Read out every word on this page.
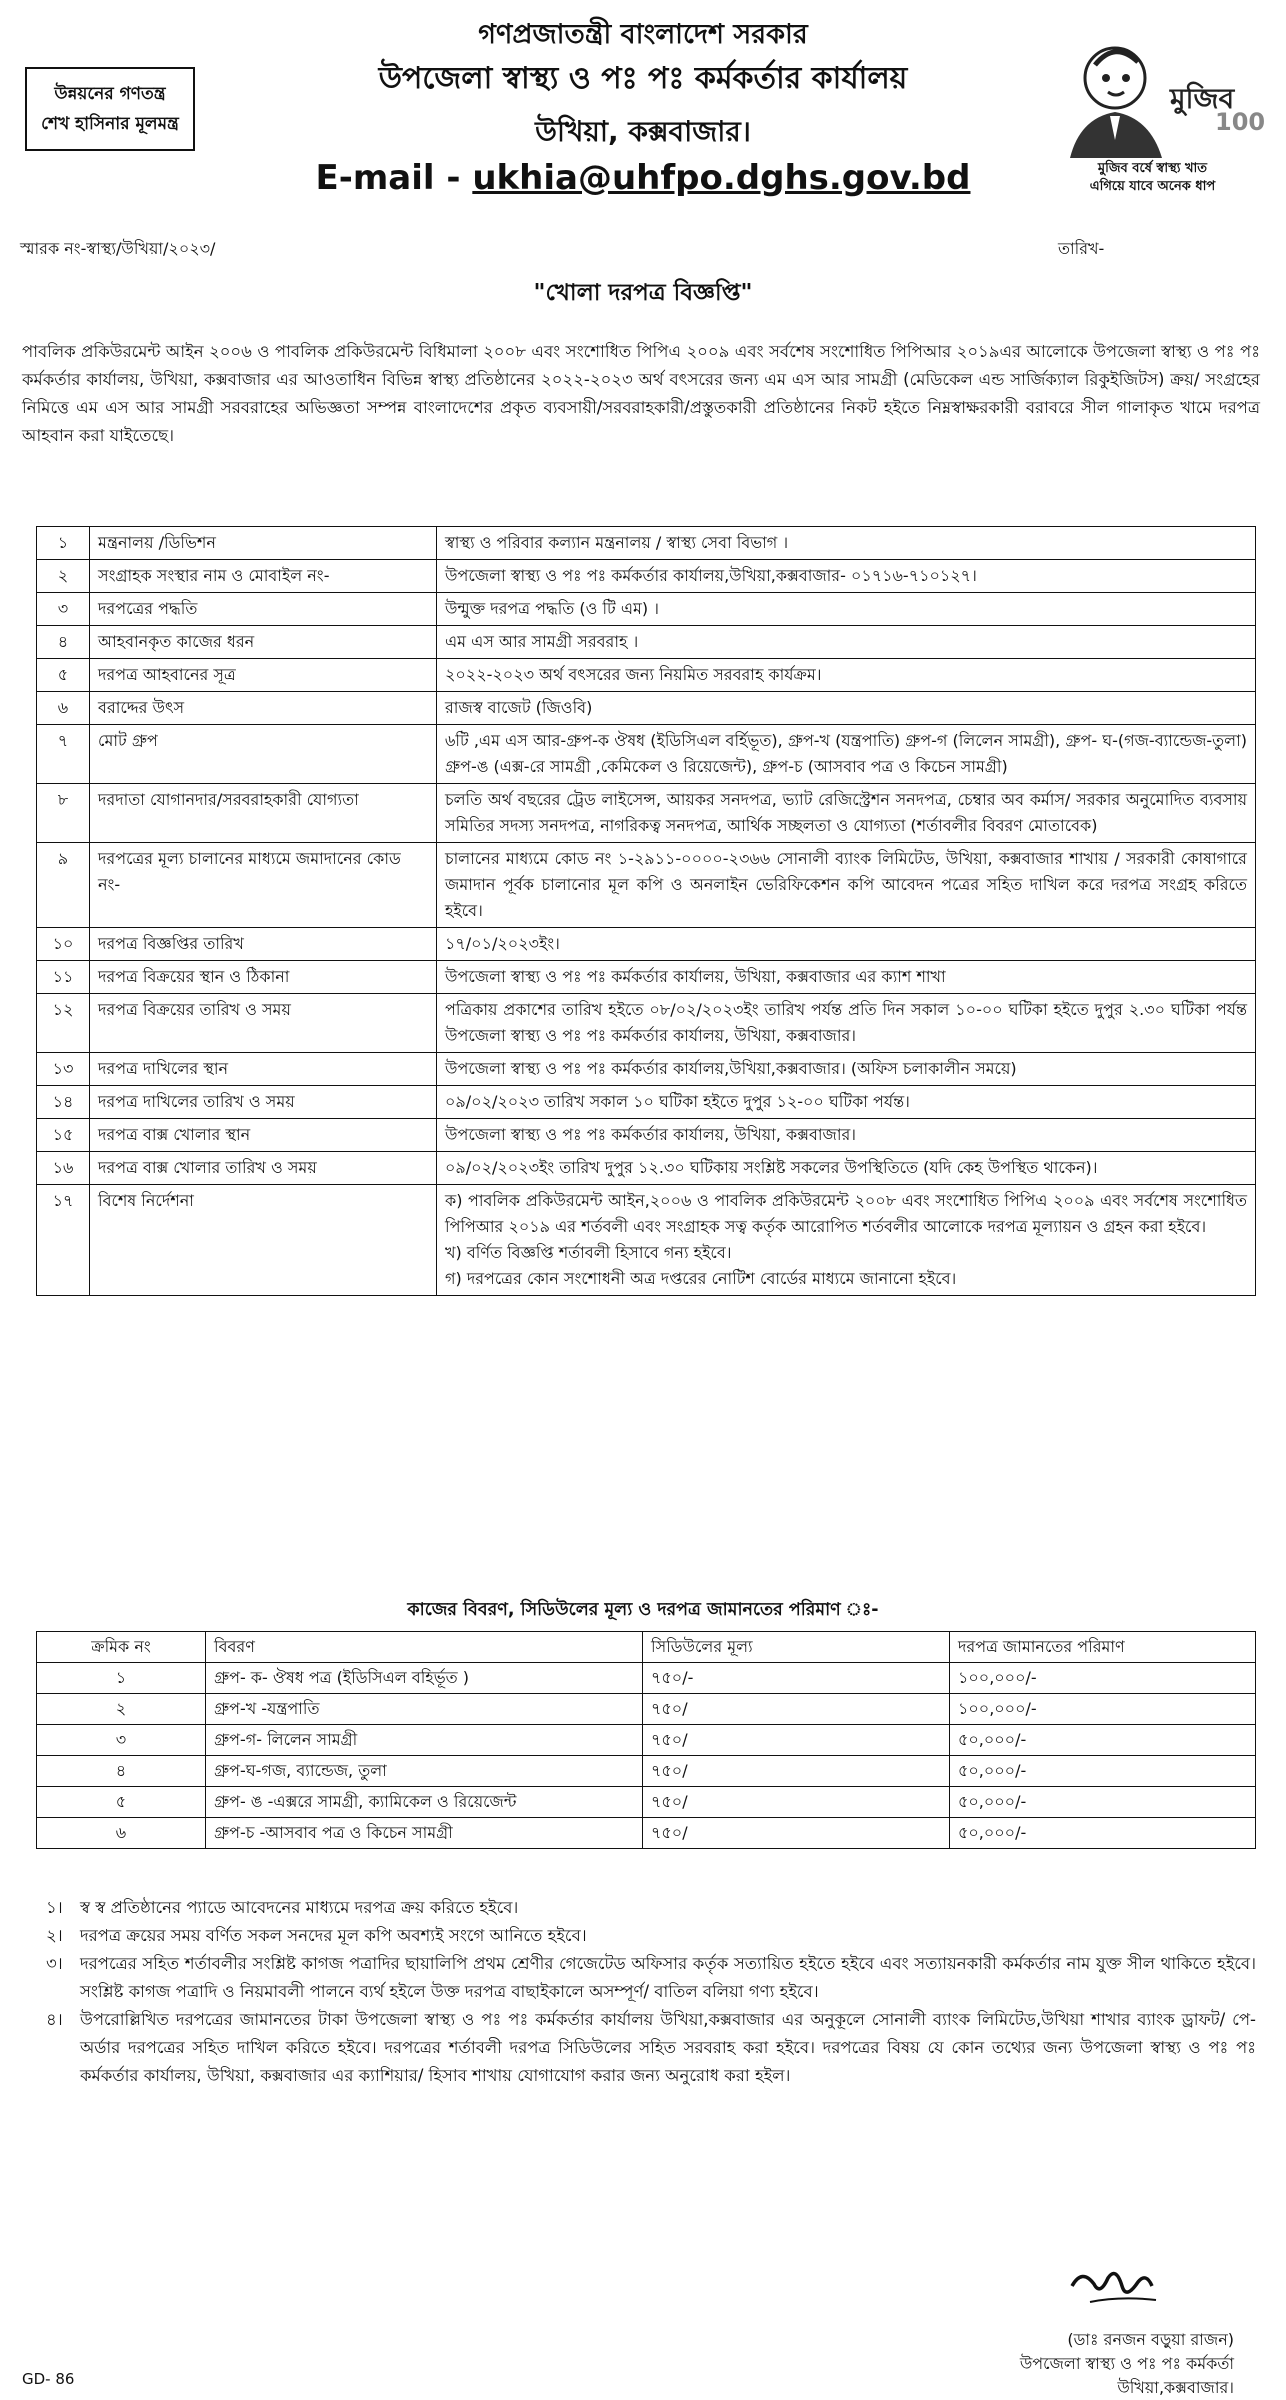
উন্নয়নের গণতন্ত্র
শেখ হাসিনার মূলমন্ত্র
গণপ্রজাতন্ত্রী বাংলাদেশ সরকার
উপজেলা স্বাস্থ্য ও পঃ পঃ কর্মকর্তার কার্যালয়
উখিয়া, কক্সবাজার।
E-mail - ukhia@uhfpo.dghs.gov.bd
মুজিব
100
মুজিব বর্ষে স্বাস্থ্য খাত
এগিয়ে যাবে অনেক ধাপ
স্মারক নং-স্বাস্থ্য/উখিয়া/২০২৩/	তারিখ-
"খোলা দরপত্র বিজ্ঞপ্তি"
পাবলিক প্রকিউরমেন্ট আইন ২০০৬ ও পাবলিক প্রকিউরমেন্ট বিধিমালা ২০০৮ এবং সংশোধিত পিপিএ ২০০৯ এবং সর্বশেষ সংশোধিত পিপিআর ২০১৯এর আলোকে উপজেলা স্বাস্থ্য ও পঃ পঃ কর্মকর্তার কার্যালয়, উখিয়া, কক্সবাজার এর আওতাধিন বিভিন্ন স্বাস্থ্য প্রতিষ্ঠানের ২০২২-২০২৩ অর্থ বৎসরের জন্য এম এস আর সামগ্রী (মেডিকেল এন্ড সার্জিক্যাল রিকুইজিটস) ক্রয়/ সংগ্রহের নিমিত্তে এম এস আর সামগ্রী সরবরাহের অভিজ্ঞতা সম্পন্ন বাংলাদেশের প্রকৃত ব্যবসায়ী/সরবরাহকারী/প্রস্তুতকারী প্রতিষ্ঠানের নিকট হইতে নিম্নস্বাক্ষরকারী বরাবরে সীল গালাকৃত খামে দরপত্র আহবান করা যাইতেছে।
১	মন্ত্রনালয় /ডিভিশন	স্বাস্থ্য ও পরিবার কল্যান মন্ত্রনালয় / স্বাস্থ্য সেবা বিভাগ ।
২	সংগ্রাহক সংস্থার নাম ও মোবাইল নং-	উপজেলা স্বাস্থ্য ও পঃ পঃ কর্মকর্তার কার্যালয়,উখিয়া,কক্সবাজার- ০১৭১৬-৭১০১২৭।
৩	দরপত্রের পদ্ধতি	উন্মুক্ত দরপত্র পদ্ধতি (ও টি এম) ।
৪	আহবানকৃত কাজের ধরন	এম এস আর সামগ্রী সরবরাহ ।
৫	দরপত্র আহবানের সূত্র	২০২২-২০২৩ অর্থ বৎসরের জন্য নিয়মিত সরবরাহ কার্যক্রম।
৬	বরাদ্দের উৎস	রাজস্ব বাজেট (জিওবি)
৭	মোট গ্রুপ	৬টি ,এম এস আর-গ্রুপ-ক ঔষধ (ইডিসিএল বর্হিভূত), গ্রুপ-খ (যন্ত্রপাতি) গ্রুপ-গ (লিলেন সামগ্রী), গ্রুপ- ঘ-(গজ-ব্যান্ডেজ-তুলা) গ্রুপ-ঙ (এক্স-রে সামগ্রী ,কেমিকেল ও রিয়েজেন্ট), গ্রুপ-চ (আসবাব পত্র ও কিচেন সামগ্রী)
৮	দরদাতা যোগানদার/সরবরাহকারী যোগ্যতা	চলতি অর্থ বছরের ট্রেড লাইসেন্স, আয়কর সনদপত্র, ভ্যাট রেজিস্ট্রেশন সনদপত্র, চেম্বার অব কর্মাস/ সরকার অনুমোদিত ব্যবসায় সমিতির সদস্য সনদপত্র, নাগরিকত্ব সনদপত্র, আর্থিক সচ্ছলতা ও যোগ্যতা (শর্তাবলীর বিবরণ মোতাবেক)
৯	দরপত্রের মূল্য চালানের মাধ্যমে জমাদানের কোড নং-	চালানের মাধ্যমে কোড নং ১-২৯১১-০০০০-২৩৬৬ সোনালী ব্যাংক লিমিটেড, উখিয়া, কক্সবাজার শাখায় / সরকারী কোষাগারে জমাদান পূর্বক চালানোর মূল কপি ও অনলাইন ভেরিফিকেশন কপি আবেদন পত্রের সহিত দাখিল করে দরপত্র সংগ্রহ করিতে হইবে।
১০	দরপত্র বিজ্ঞপ্তির তারিখ	১৭/০১/২০২৩ইং।
১১	দরপত্র বিক্রয়ের স্থান ও ঠিকানা	উপজেলা স্বাস্থ্য ও পঃ পঃ কর্মকর্তার কার্যালয়, উখিয়া, কক্সবাজার এর ক্যাশ শাখা
১২	দরপত্র বিক্রয়ের তারিখ ও সময়	পত্রিকায় প্রকাশের তারিখ হইতে ০৮/০২/২০২৩ইং তারিখ পর্যন্ত প্রতি দিন সকাল ১০-০০ ঘটিকা হইতে দুপুর ২.৩০ ঘটিকা পর্যন্ত উপজেলা স্বাস্থ্য ও পঃ পঃ কর্মকর্তার কার্যালয়, উখিয়া, কক্সবাজার।
১৩	দরপত্র দাখিলের স্থান	উপজেলা স্বাস্থ্য ও পঃ পঃ কর্মকর্তার কার্যালয়,উখিয়া,কক্সবাজার। (অফিস চলাকালীন সময়ে)
১৪	দরপত্র দাখিলের তারিখ ও সময়	০৯/০২/২০২৩ তারিখ সকাল ১০ ঘটিকা হইতে দুপুর ১২-০০ ঘটিকা পর্যন্ত।
১৫	দরপত্র বাক্স খোলার স্থান	উপজেলা স্বাস্থ্য ও পঃ পঃ কর্মকর্তার কার্যালয়, উখিয়া, কক্সবাজার।
১৬	দরপত্র বাক্স খোলার তারিখ ও সময়	০৯/০২/২০২৩ইং তারিখ দুপুর ১২.৩০ ঘটিকায় সংশ্লিষ্ট সকলের উপস্থিতিতে (যদি কেহ উপস্থিত থাকেন)।
১৭	বিশেষ নির্দেশনা	ক) পাবলিক প্রকিউরমেন্ট আইন,২০০৬ ও পাবলিক প্রকিউরমেন্ট ২০০৮ এবং সংশোধিত পিপিএ ২০০৯ এবং সর্বশেষ সংশোধিত পিপিআর ২০১৯ এর শর্তবলী এবং সংগ্রাহক সত্ব কর্তৃক আরোপিত শর্তবলীর আলোকে দরপত্র মূল্যায়ন ও গ্রহন করা হইবে।
খ) বর্ণিত বিজ্ঞপ্তি শর্তাবলী হিসাবে গন্য হইবে।
গ) দরপত্রের কোন সংশোধনী অত্র দপ্তরের নোটিশ বোর্ডের মাধ্যমে জানানো হইবে।
কাজের বিবরণ, সিডিউলের মূল্য ও দরপত্র জামানতের পরিমাণ ঃ-
ক্রমিক নং	বিবরণ	সিডিউলের মূল্য	দরপত্র জামানতের পরিমাণ
১	গ্রুপ- ক- ঔষধ পত্র (ইডিসিএল বহির্ভূত )	৭৫০/-	১০০,০০০/-
২	গ্রুপ-খ -যন্ত্রপাতি	৭৫০/	১০০,০০০/-
৩	গ্রুপ-গ- লিলেন সামগ্রী	৭৫০/	৫০,০০০/-
৪	গ্রুপ-ঘ-গজ, ব্যান্ডেজ, তুলা	৭৫০/	৫০,০০০/-
৫	গ্রুপ- ঙ -এক্সরে সামগ্রী, ক্যামিকেল ও রিয়েজেন্ট	৭৫০/	৫০,০০০/-
৬	গ্রুপ-চ -আসবাব পত্র ও কিচেন সামগ্রী	৭৫০/	৫০,০০০/-
১।	স্ব স্ব প্রতিষ্ঠানের প্যাডে আবেদনের মাধ্যমে দরপত্র ক্রয় করিতে হইবে।
২।	দরপত্র ক্রয়ের সময় বর্ণিত সকল সনদের মূল কপি অবশ্যই সংগে আনিতে হইবে।
৩।	দরপত্রের সহিত শর্তাবলীর সংশ্লিষ্ট কাগজ পত্রাদির ছায়ালিপি প্রথম শ্রেণীর গেজেটেড অফিসার কর্তৃক সত্যায়িত হইতে হইবে এবং সত্যায়নকারী কর্মকর্তার নাম যুক্ত সীল থাকিতে হইবে। সংশ্লিষ্ট কাগজ পত্রাদি ও নিয়মাবলী পালনে ব্যর্থ হইলে উক্ত দরপত্র বাছাইকালে অসম্পূর্ণ/ বাতিল বলিয়া গণ্য হইবে।
৪।	উপরোল্লিখিত দরপত্রের জামানতের টাকা উপজেলা স্বাস্থ্য ও পঃ পঃ কর্মকর্তার কার্যালয় উখিয়া,কক্সবাজার এর অনুকূলে সোনালী ব্যাংক লিমিটেড,উখিয়া শাখার ব্যাংক ড্রাফট/ পে-অর্ডার দরপত্রের সহিত দাখিল করিতে হইবে। দরপত্রের শর্তাবলী দরপত্র সিডিউলের সহিত সরবরাহ করা হইবে। দরপত্রের বিষয় যে কোন তথ্যের জন্য উপজেলা স্বাস্থ্য ও পঃ পঃ কর্মকর্তার কার্যালয়, উখিয়া, কক্সবাজার এর ক্যাশিয়ার/ হিসাব শাখায় যোগাযোগ করার জন্য অনুরোধ করা হইল।
(ডাঃ রনজন বড়ুয়া রাজন)
উপজেলা স্বাস্থ্য ও পঃ পঃ কর্মকর্তা
উখিয়া,কক্সবাজার।
GD- 86
